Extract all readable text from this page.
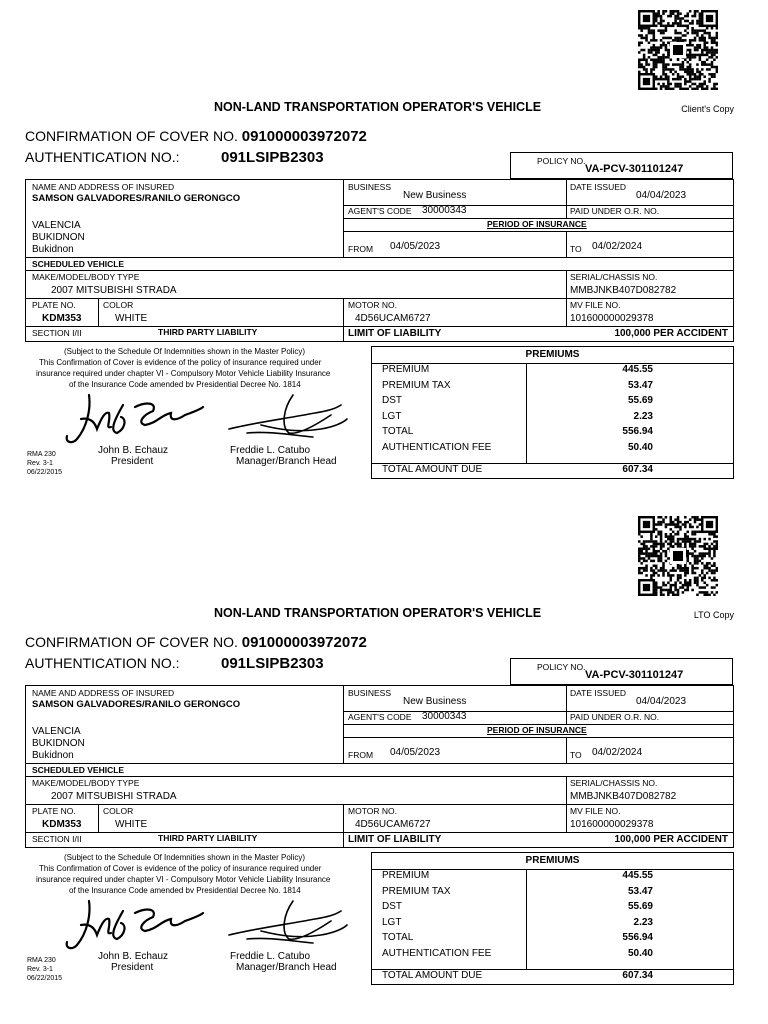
NON-LAND TRANSPORTATION OPERATOR'S VEHICLE	Client's Copy
CONFIRMATION OF COVER NO. 091000003972072
AUTHENTICATION NO.:	091LSIPB2303	POLICY NO.
VA-PCV-301101247
NAME AND ADDRESS OF INSURED
SAMSON GALVADORES/RANILO GERONGCO
VALENCIA
BUKIDNON
Bukidnon
BUSINESS
New Business
DATE ISSUED
04/04/2023
AGENT'S CODE 30000343	PAID UNDER O.R. NO.
PERIOD OF INSURANCE
FROM 04/05/2023	TO 04/02/2024
SCHEDULED VEHICLE
MAKE/MODEL/BODY TYPE
2007 MITSUBISHI STRADA
SERIAL/CHASSIS NO.
MMBJNKB407D082782
PLATE NO.
KDM353
COLOR
WHITE
MOTOR NO.
4D56UCAM6727
MV FILE NO.
101600000029378
SECTION I/II	THIRD PARTY LIABILITY	LIMIT OF LIABILITY	100,000 PER ACCIDENT
(Subject to the Schedule Of Indemnities shown in the Master Policy)
This Confirmation of Cover is evidence of the policy of insurance required under
insurance required under chapter VI - Compulsory Motor Vehicle Liability Insurance
of the Insurance Code amended bv Presidential Decree No. 1814
John B. Echauz
President
Freddie L. Catubo
Manager/Branch Head
RMA 230
Rev. 3-1
06/22/2015
PREMIUMS
PREMIUM	445.55
PREMIUM TAX	53.47
DST	55.69
LGT	2.23
TOTAL	556.94
AUTHENTICATION FEE	50.40
TOTAL AMOUNT DUE	607.34
NON-LAND TRANSPORTATION OPERATOR'S VEHICLE	LTO Copy
CONFIRMATION OF COVER NO. 091000003972072
AUTHENTICATION NO.:	091LSIPB2303	POLICY NO.
VA-PCV-301101247
NAME AND ADDRESS OF INSURED
SAMSON GALVADORES/RANILO GERONGCO
VALENCIA
BUKIDNON
Bukidnon
BUSINESS
New Business
DATE ISSUED
04/04/2023
AGENT'S CODE 30000343	PAID UNDER O.R. NO.
PERIOD OF INSURANCE
FROM 04/05/2023	TO 04/02/2024
SCHEDULED VEHICLE
MAKE/MODEL/BODY TYPE
2007 MITSUBISHI STRADA
SERIAL/CHASSIS NO.
MMBJNKB407D082782
PLATE NO.
KDM353
COLOR
WHITE
MOTOR NO.
4D56UCAM6727
MV FILE NO.
101600000029378
SECTION I/II	THIRD PARTY LIABILITY	LIMIT OF LIABILITY	100,000 PER ACCIDENT
(Subject to the Schedule Of Indemnities shown in the Master Policy)
This Confirmation of Cover is evidence of the policy of insurance required under
insurance required under chapter VI - Compulsory Motor Vehicle Liability Insurance
of the Insurance Code amended bv Presidential Decree No. 1814
John B. Echauz
President
Freddie L. Catubo
Manager/Branch Head
RMA 230
Rev. 3-1
06/22/2015
PREMIUMS
PREMIUM	445.55
PREMIUM TAX	53.47
DST	55.69
LGT	2.23
TOTAL	556.94
AUTHENTICATION FEE	50.40
TOTAL AMOUNT DUE	607.34
